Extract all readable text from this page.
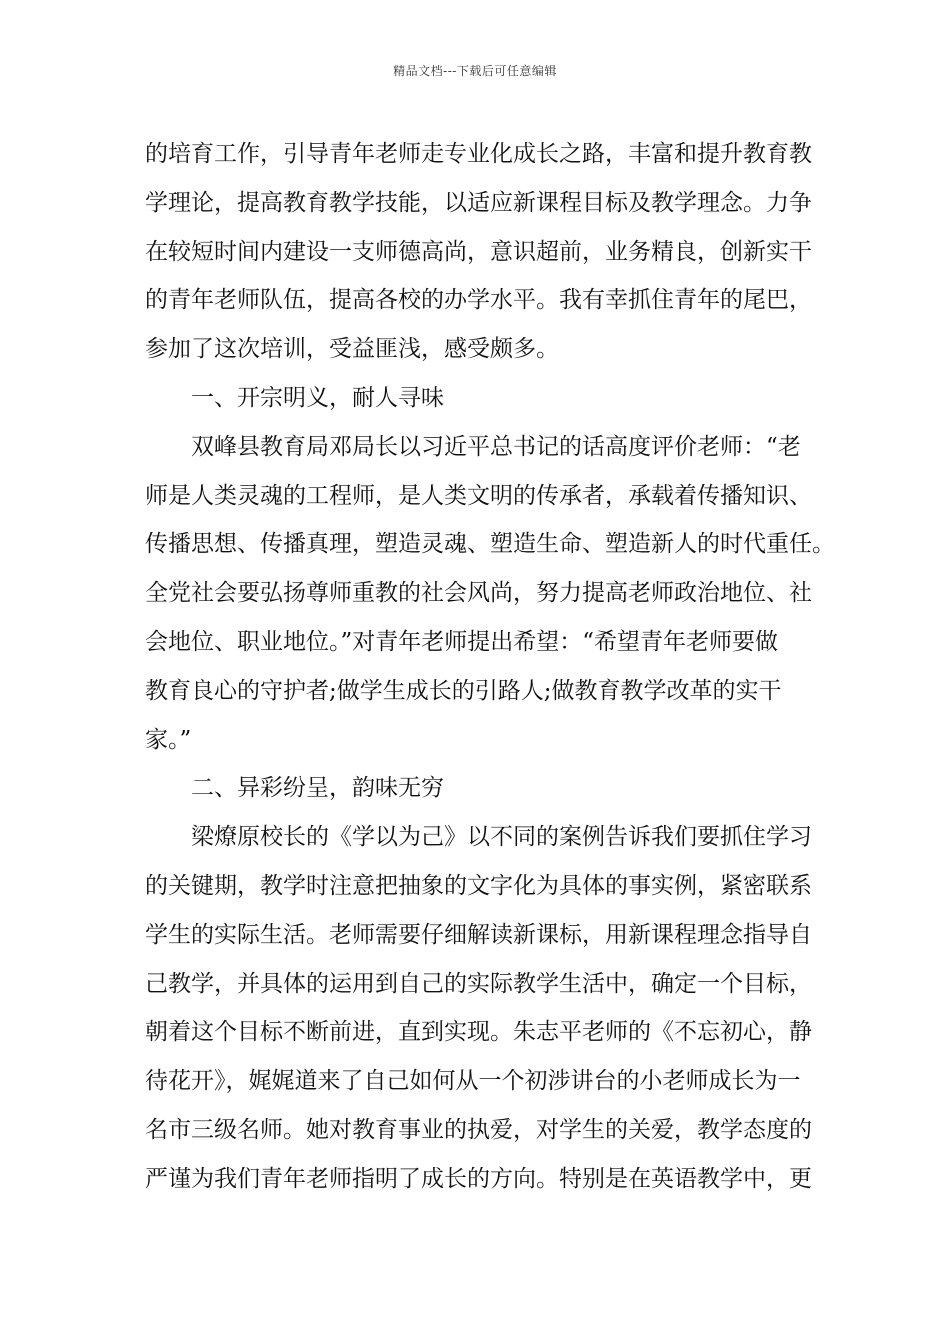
精品文档---下载后可任意编辑
的培育工作，引导青年老师走专业化成长之路，丰富和提升教育教
学理论，提高教育教学技能，以适应新课程目标及教学理念。力争
在较短时间内建设一支师德高尚，意识超前，业务精良，创新实干
的青年老师队伍，提高各校的办学水平。我有幸抓住青年的尾巴，
参加了这次培训，受益匪浅，感受颇多。
一、开宗明义，耐人寻味
双峰县教育局邓局长以习近平总书记的话高度评价老师：“老
师是人类灵魂的工程师，是人类文明的传承者，承载着传播知识、
传播思想、传播真理，塑造灵魂、塑造生命、塑造新人的时代重任。
全党社会要弘扬尊师重教的社会风尚，努力提高老师政治地位、社
会地位、职业地位。”对青年老师提出希望：“希望青年老师要做
教育良心的守护者;做学生成长的引路人;做教育教学改革的实干
家。”
二、异彩纷呈，韵味无穷
梁燎原校长的《学以为己》以不同的案例告诉我们要抓住学习
的关键期，教学时注意把抽象的文字化为具体的事实例，紧密联系
学生的实际生活。老师需要仔细解读新课标，用新课程理念指导自
己教学，并具体的运用到自己的实际教学生活中，确定一个目标，
朝着这个目标不断前进，直到实现。朱志平老师的《不忘初心，静
待花开》，娓娓道来了自己如何从一个初涉讲台的小老师成长为一
名市三级名师。她对教育事业的执爱，对学生的关爱，教学态度的
严谨为我们青年老师指明了成长的方向。特别是在英语教学中，更
